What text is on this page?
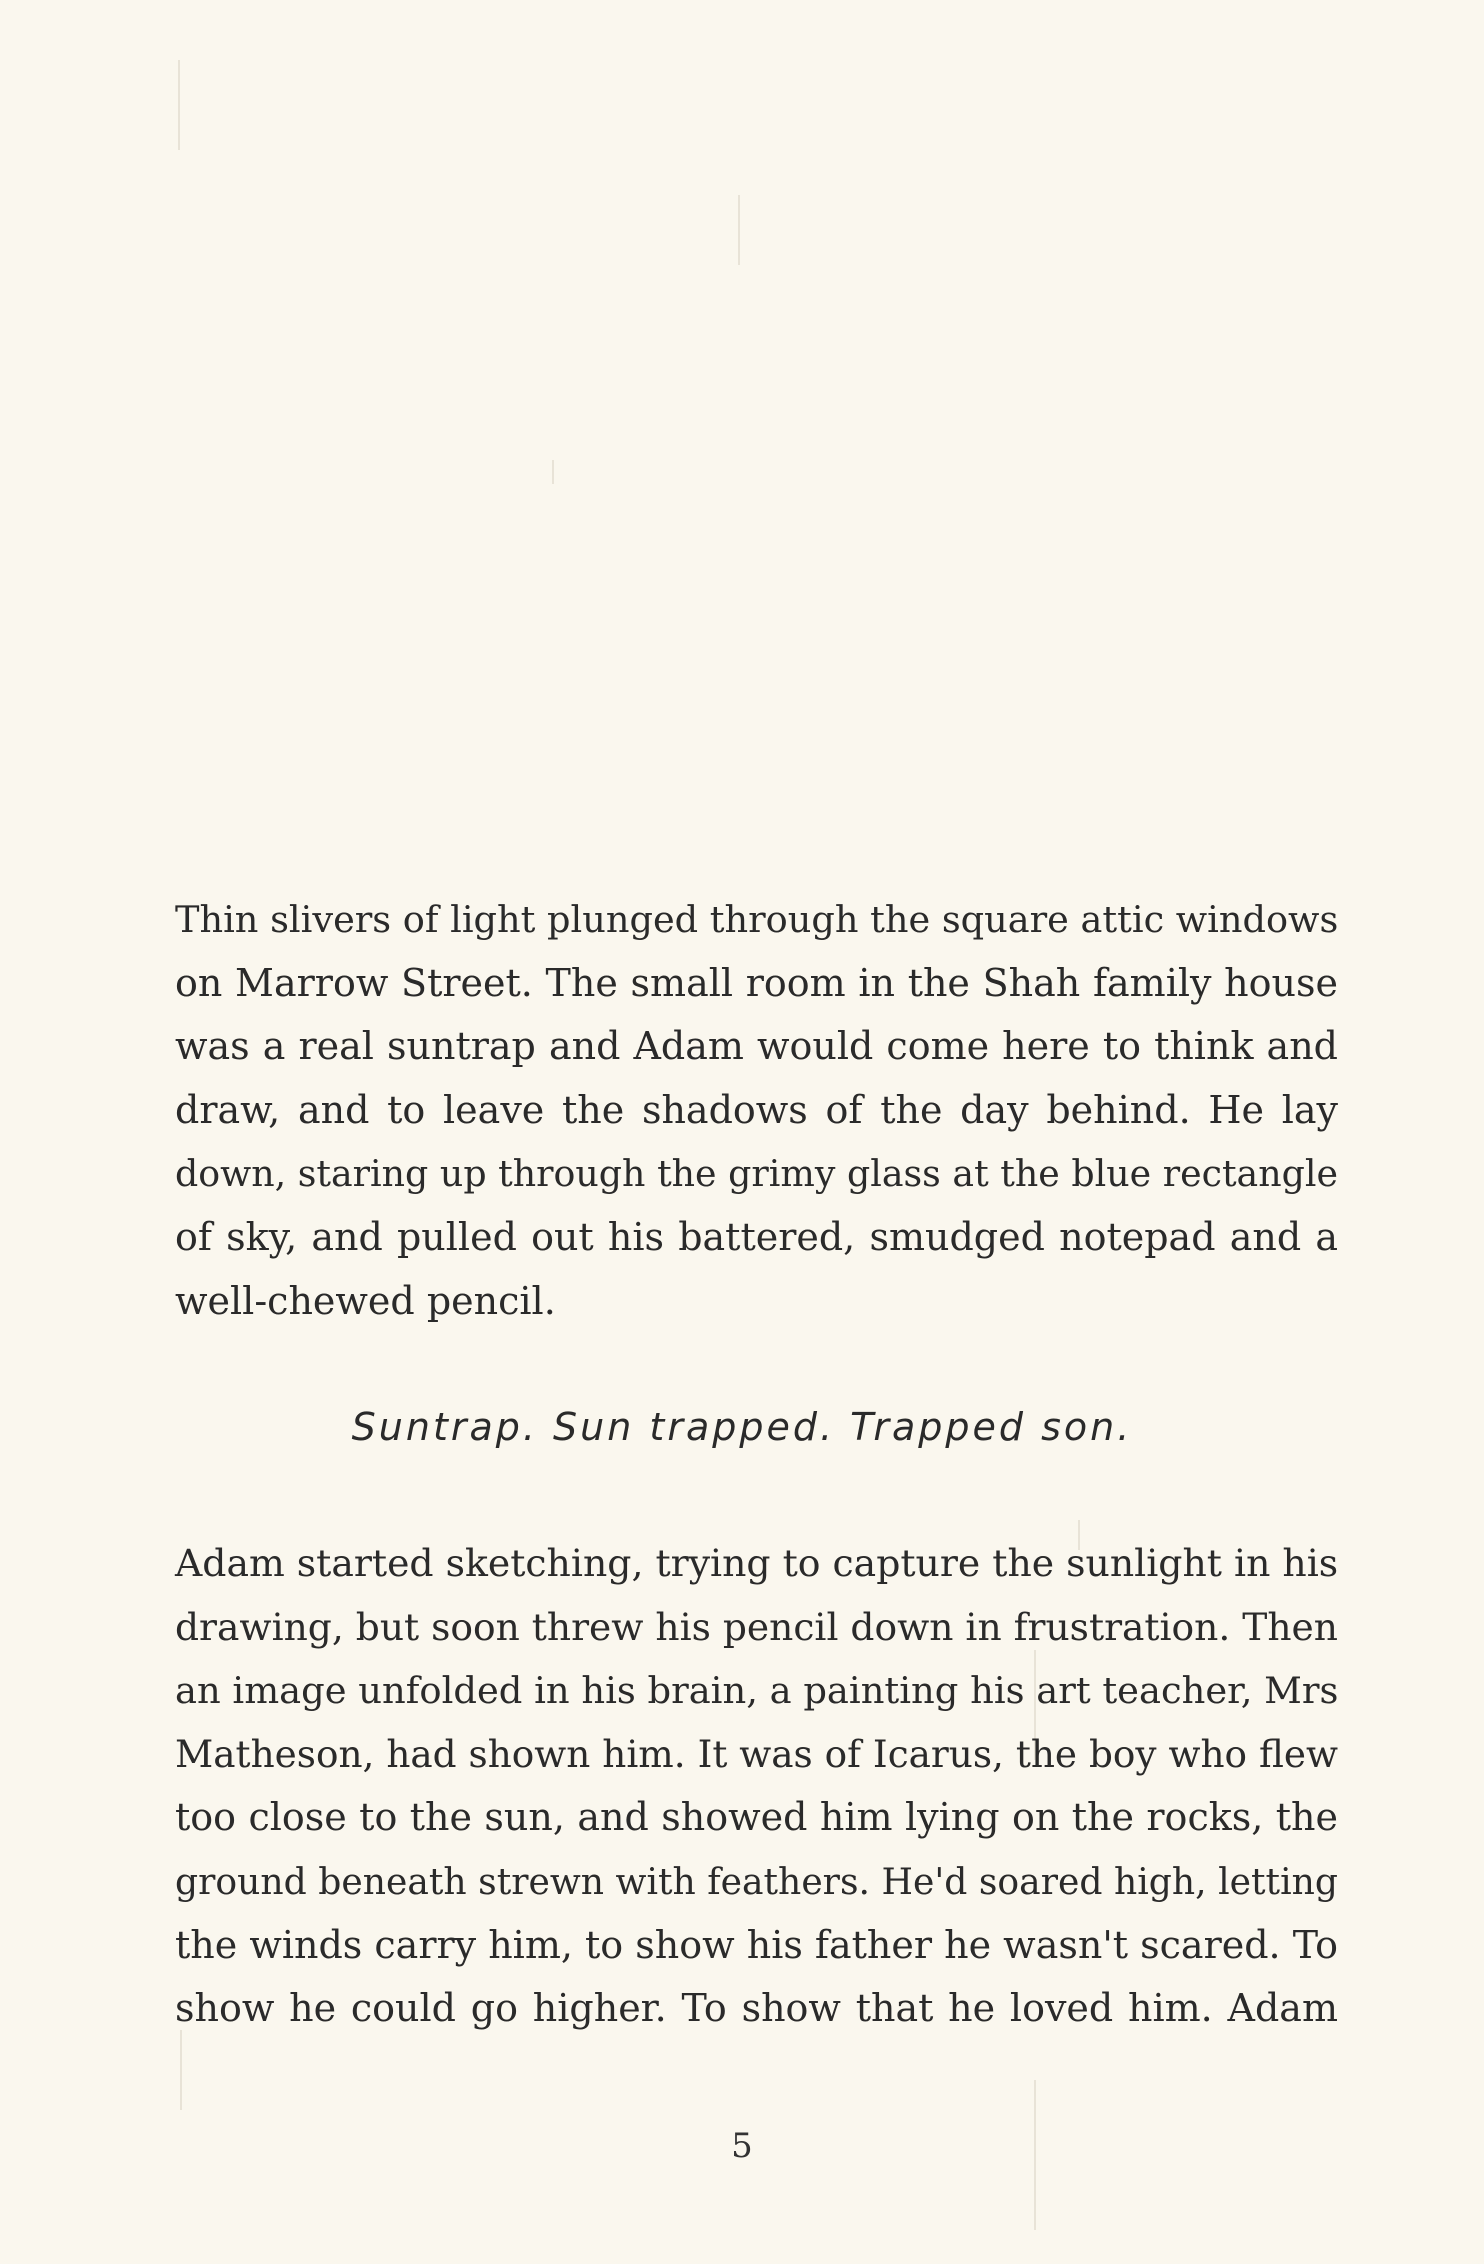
Thin slivers of light plunged through the square attic windows
on Marrow Street. The small room in the Shah family house
was a real suntrap and Adam would come here to think and
draw, and to leave the shadows of the day behind. He lay
down, staring up through the grimy glass at the blue rectangle
of sky, and pulled out his battered, smudged notepad and a
well-chewed pencil.

Suntrap. Sun trapped. Trapped son.

Adam started sketching, trying to capture the sunlight in his
drawing, but soon threw his pencil down in frustration. Then
an image unfolded in his brain, a painting his art teacher, Mrs
Matheson, had shown him. It was of Icarus, the boy who flew
too close to the sun, and showed him lying on the rocks, the
ground beneath strewn with feathers. He'd soared high, letting
the winds carry him, to show his father he wasn't scared. To
show he could go higher. To show that he loved him. Adam

5
